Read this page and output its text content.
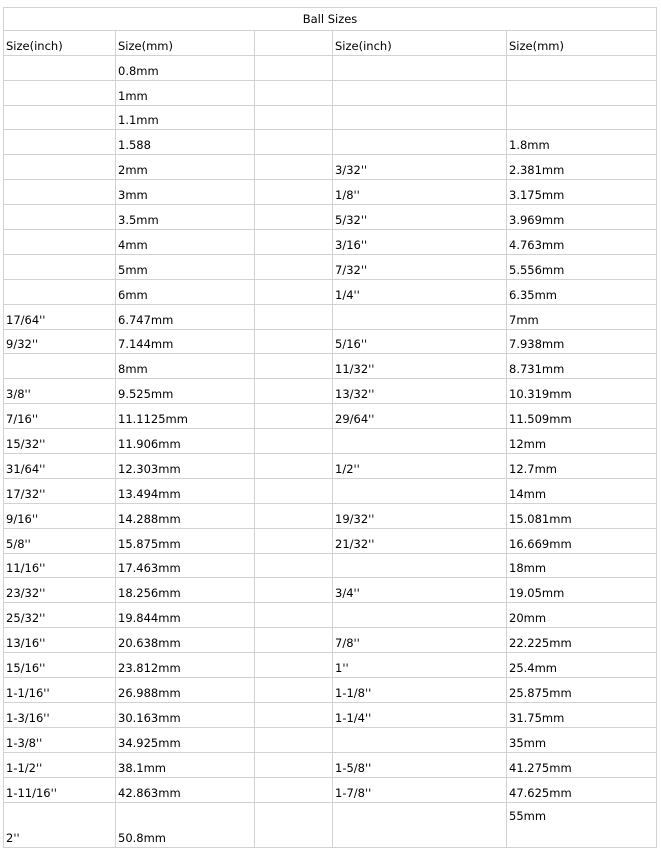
Ball Sizes				
Size(inch)	Size(mm)		Size(inch)	Size(mm)
	0.8mm			
	1mm			
	1.1mm			
	1.588			1.8mm
	2mm		3/32''	2.381mm
	3mm		1/8''	3.175mm
	3.5mm		5/32''	3.969mm
	4mm		3/16''	4.763mm
	5mm		7/32''	5.556mm
	6mm		1/4''	6.35mm
17/64''	6.747mm			7mm
9/32''	7.144mm		5/16''	7.938mm
	8mm		11/32''	8.731mm
3/8''	9.525mm		13/32''	10.319mm
7/16''	11.1125mm		29/64''	11.509mm
15/32''	11.906mm			12mm
31/64''	12.303mm		1/2''	12.7mm
17/32''	13.494mm			14mm
9/16''	14.288mm		19/32''	15.081mm
5/8''	15.875mm		21/32''	16.669mm
11/16''	17.463mm			18mm
23/32''	18.256mm		3/4''	19.05mm
25/32''	19.844mm			20mm
13/16''	20.638mm		7/8''	22.225mm
15/16''	23.812mm		1''	25.4mm
1-1/16''	26.988mm		1-1/8''	25.875mm
1-3/16''	30.163mm		1-1/4''	31.75mm
1-3/8''	34.925mm			35mm
1-1/2''	38.1mm		1-5/8''	41.275mm
1-11/16''	42.863mm		1-7/8''	47.625mm
2''	50.8mm			55mm
